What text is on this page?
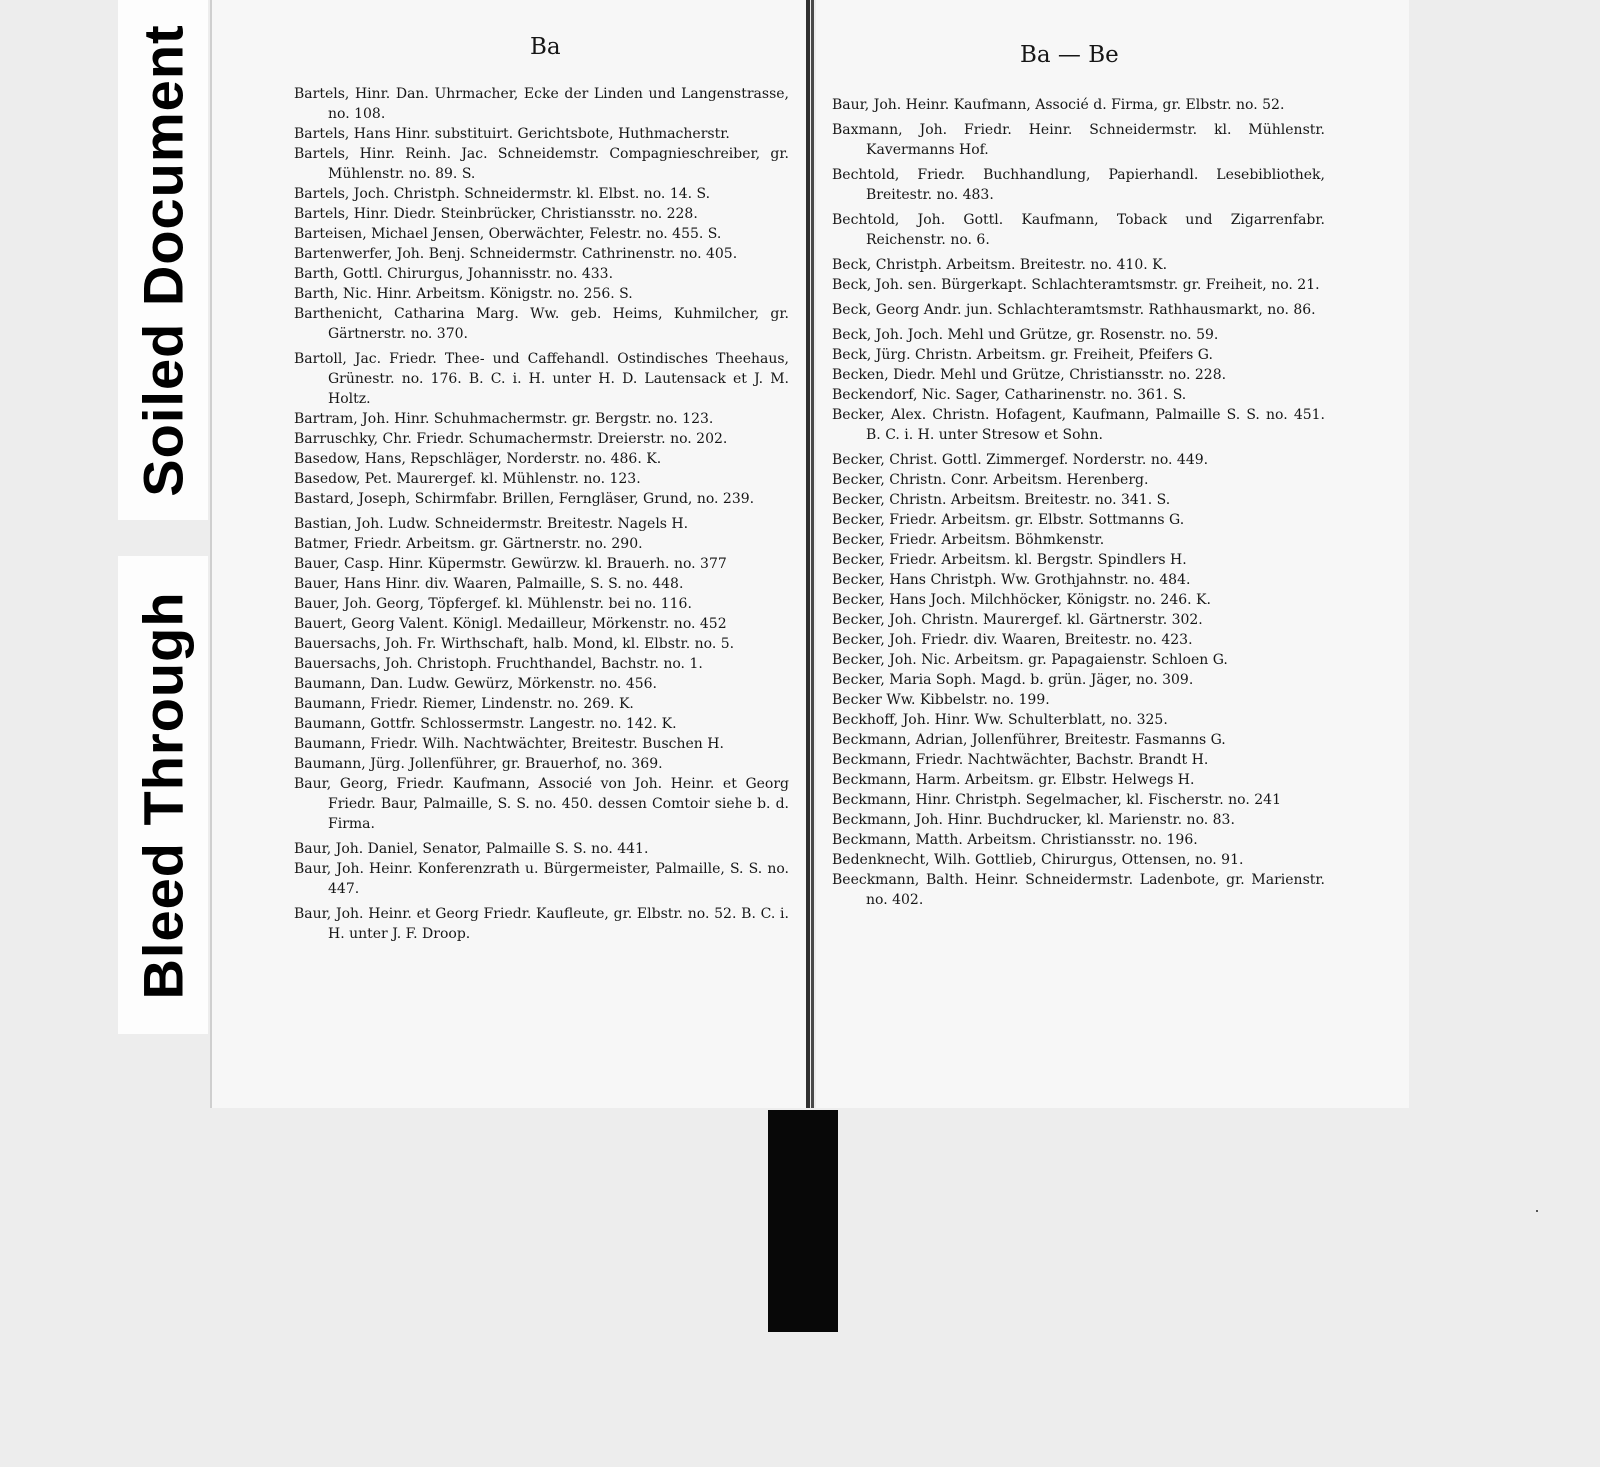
Soiled Document
Bleed Through
Ba	Ba — Be
Bartels, Hinr. Dan. Uhrmacher, Ecke der Linden und Langenstrasse, no. 108.
Bartels, Hans Hinr. substituirt. Gerichtsbote, Huthmacherstr.
Bartels, Hinr. Reinh. Jac. Schneidemstr. Compagnieschreiber, gr. Mühlenstr. no. 89. S.
Bartels, Joch. Christph. Schneidermstr. kl. Elbst. no. 14. S.
Bartels, Hinr. Diedr. Steinbrücker, Christiansstr. no. 228.
Barteisen, Michael Jensen, Oberwächter, Felestr. no. 455. S.
Bartenwerfer, Joh. Benj. Schneidermstr. Cathrinenstr. no. 405.
Barth, Gottl. Chirurgus, Johannisstr. no. 433.
Barth, Nic. Hinr. Arbeitsm. Königstr. no. 256. S.
Barthenicht, Catharina Marg. Ww. geb. Heims, Kuhmilcher, gr. Gärtnerstr. no. 370.
Bartoll, Jac. Friedr. Thee- und Caffehandl. Ostindisches Theehaus, Grünestr. no. 176. B. C. i. H. unter H. D. Lautensack et J. M. Holtz.
Bartram, Joh. Hinr. Schuhmachermstr. gr. Bergstr. no. 123.
Barruschky, Chr. Friedr. Schumachermstr. Dreierstr. no. 202.
Basedow, Hans, Repschläger, Norderstr. no. 486. K.
Basedow, Pet. Maurergef. kl. Mühlenstr. no. 123.
Bastard, Joseph, Schirmfabr. Brillen, Ferngläser, Grund, no. 239.
Bastian, Joh. Ludw. Schneidermstr. Breitestr. Nagels H.
Batmer, Friedr. Arbeitsm. gr. Gärtnerstr. no. 290.
Bauer, Casp. Hinr. Küpermstr. Gewürzw. kl. Brauerh. no. 377
Bauer, Hans Hinr. div. Waaren, Palmaille, S. S. no. 448.
Bauer, Joh. Georg, Töpfergef. kl. Mühlenstr. bei no. 116.
Bauert, Georg Valent. Königl. Medailleur, Mörkenstr. no. 452
Bauersachs, Joh. Fr. Wirthschaft, halb. Mond, kl. Elbstr. no. 5.
Bauersachs, Joh. Christoph. Fruchthandel, Bachstr. no. 1.
Baumann, Dan. Ludw. Gewürz, Mörkenstr. no. 456.
Baumann, Friedr. Riemer, Lindenstr. no. 269. K.
Baumann, Gottfr. Schlossermstr. Langestr. no. 142. K.
Baumann, Friedr. Wilh. Nachtwächter, Breitestr. Buschen H.
Baumann, Jürg. Jollenführer, gr. Brauerhof, no. 369.
Baur, Georg, Friedr. Kaufmann, Associé von Joh. Heinr. et Georg Friedr. Baur, Palmaille, S. S. no. 450. dessen Comtoir siehe b. d. Firma.
Baur, Joh. Daniel, Senator, Palmaille S. S. no. 441.
Baur, Joh. Heinr. Konferenzrath u. Bürgermeister, Palmaille, S. S. no. 447.
Baur, Joh. Heinr. et Georg Friedr. Kaufleute, gr. Elbstr. no. 52. B. C. i. H. unter J. F. Droop.
Baur, Joh. Heinr. Kaufmann, Associé d. Firma, gr. Elbstr. no. 52.
Baxmann, Joh. Friedr. Heinr. Schneidermstr. kl. Mühlenstr. Kavermanns Hof.
Bechtold, Friedr. Buchhandlung, Papierhandl. Lesebibliothek, Breitestr. no. 483.
Bechtold, Joh. Gottl. Kaufmann, Toback und Zigarrenfabr. Reichenstr. no. 6.
Beck, Christph. Arbeitsm. Breitestr. no. 410. K.
Beck, Joh. sen. Bürgerkapt. Schlachteramtsmstr. gr. Freiheit, no. 21.
Beck, Georg Andr. jun. Schlachteramtsmstr. Rathhausmarkt, no. 86.
Beck, Joh. Joch. Mehl und Grütze, gr. Rosenstr. no. 59.
Beck, Jürg. Christn. Arbeitsm. gr. Freiheit, Pfeifers G.
Becken, Diedr. Mehl und Grütze, Christiansstr. no. 228.
Beckendorf, Nic. Sager, Catharinenstr. no. 361. S.
Becker, Alex. Christn. Hofagent, Kaufmann, Palmaille S. S. no. 451. B. C. i. H. unter Stresow et Sohn.
Becker, Christ. Gottl. Zimmergef. Norderstr. no. 449.
Becker, Christn. Conr. Arbeitsm. Herenberg.
Becker, Christn. Arbeitsm. Breitestr. no. 341. S.
Becker, Friedr. Arbeitsm. gr. Elbstr. Sottmanns G.
Becker, Friedr. Arbeitsm. Böhmkenstr.
Becker, Friedr. Arbeitsm. kl. Bergstr. Spindlers H.
Becker, Hans Christph. Ww. Grothjahnstr. no. 484.
Becker, Hans Joch. Milchhöcker, Königstr. no. 246. K.
Becker, Joh. Christn. Maurergef. kl. Gärtnerstr. 302.
Becker, Joh. Friedr. div. Waaren, Breitestr. no. 423.
Becker, Joh. Nic. Arbeitsm. gr. Papagaienstr. Schloen G.
Becker, Maria Soph. Magd. b. grün. Jäger, no. 309.
Becker Ww. Kibbelstr. no. 199.
Beckhoff, Joh. Hinr. Ww. Schulterblatt, no. 325.
Beckmann, Adrian, Jollenführer, Breitestr. Fasmanns G.
Beckmann, Friedr. Nachtwächter, Bachstr. Brandt H.
Beckmann, Harm. Arbeitsm. gr. Elbstr. Helwegs H.
Beckmann, Hinr. Christph. Segelmacher, kl. Fischerstr. no. 241
Beckmann, Joh. Hinr. Buchdrucker, kl. Marienstr. no. 83.
Beckmann, Matth. Arbeitsm. Christiansstr. no. 196.
Bedenknecht, Wilh. Gottlieb, Chirurgus, Ottensen, no. 91.
Beeckmann, Balth. Heinr. Schneidermstr. Ladenbote, gr. Marienstr. no. 402.
